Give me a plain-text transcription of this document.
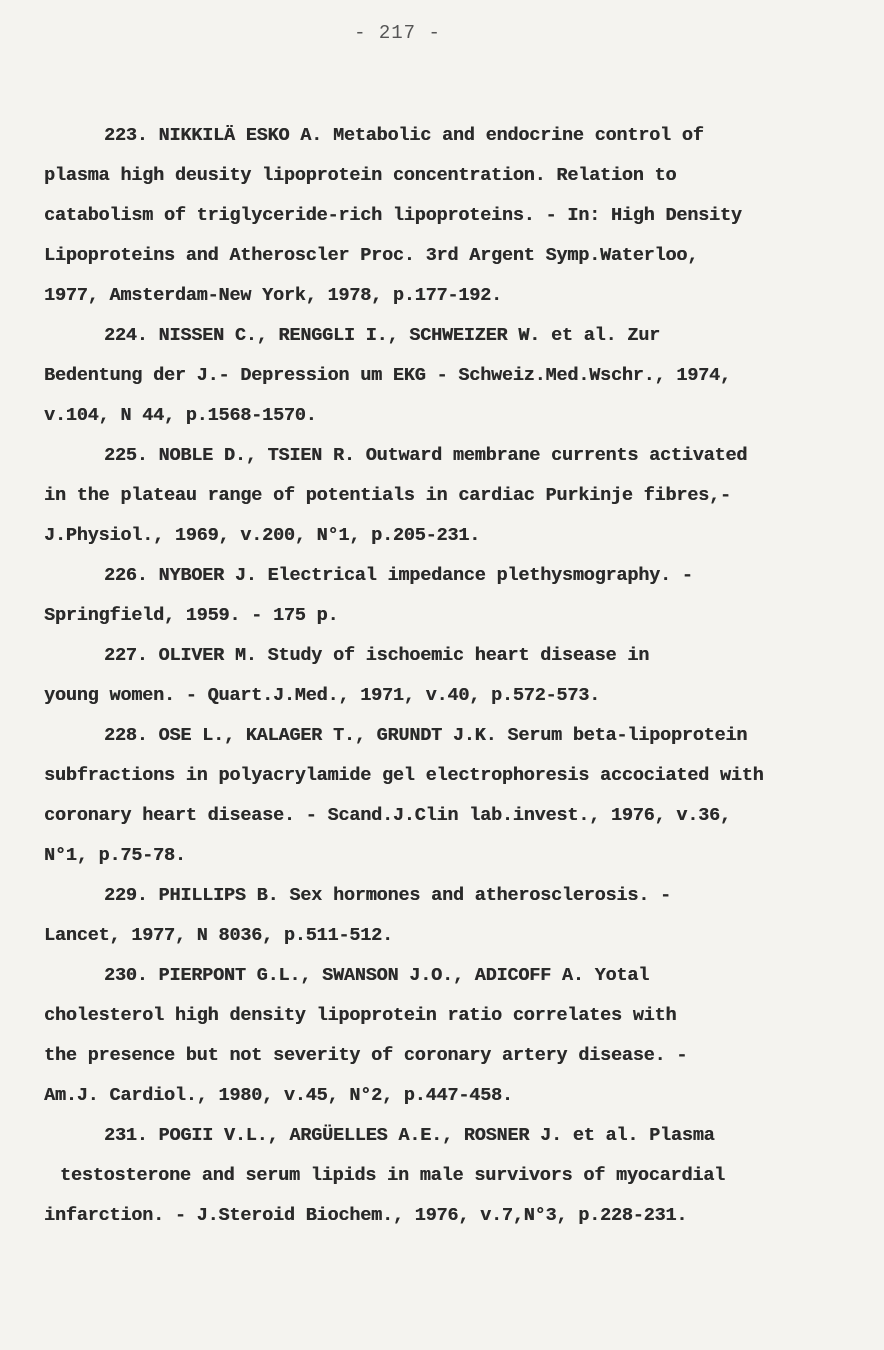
- 217 -
223. NIKKILÄ ESKO A. Metabolic and endocrine control of
plasma high deusity lipoprotein concentration. Relation to
catabolism of triglyceride-rich lipoproteins. - In: High Density
Lipoproteins and Atheroscler Proc. 3rd Argent Symp.Waterloo,
1977, Amsterdam-New York, 1978, p.177-192.
224. NISSEN C., RENGGLI I., SCHWEIZER W. et al. Zur
Bedentung der J.- Depression um EKG - Schweiz.Med.Wschr., 1974,
v.104, N 44, p.1568-1570.
225. NOBLE D., TSIEN R. Outward membrane currents activated
in the plateau range of potentials in cardiac Purkinje fibres,-
J.Physiol., 1969, v.200, N°1, p.205-231.
226. NYBOER J. Electrical impedance plethysmography. -
Springfield, 1959. - 175 p.
227. OLIVER M. Study of ischoemic heart disease in
young women. - Quart.J.Med., 1971, v.40, p.572-573.
228. OSE L., KALAGER T., GRUNDT J.K. Serum beta-lipoprotein
subfractions in polyacrylamide gel electrophoresis accociated with
coronary heart disease. - Scand.J.Clin lab.invest., 1976, v.36,
N°1, p.75-78.
229. PHILLIPS B. Sex hormones and atherosclerosis. -
Lancet, 1977, N 8036, p.511-512.
230. PIERPONT G.L., SWANSON J.O., ADICOFF A. Yotal
cholesterol high density lipoprotein ratio correlates with
the presence but not severity of coronary artery disease. -
Am.J. Cardiol., 1980, v.45, N°2, p.447-458.
231. POGII V.L., ARGÜELLES A.E., ROSNER J. et al. Plasma
testosterone and serum lipids in male survivors of myocardial
infarction. - J.Steroid Biochem., 1976, v.7,N°3, p.228-231.
